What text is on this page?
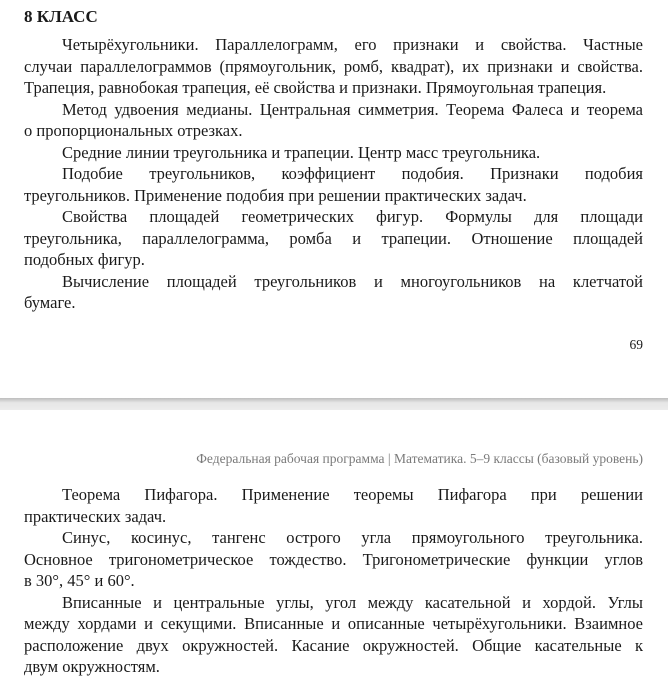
8 КЛАСС
Четырёхугольники. Параллелограмм, его признаки и свойства. Частные
случаи параллелограммов (прямоугольник, ромб, квадрат), их признаки и свойства.
Трапеция, равнобокая трапеция, её свойства и признаки. Прямоугольная трапеция.
Метод удвоения медианы. Центральная симметрия. Теорема Фалеса и теорема
о пропорциональных отрезках.
Средние линии треугольника и трапеции. Центр масс треугольника.
Подобие треугольников, коэффициент подобия. Признаки подобия
треугольников. Применение подобия при решении практических задач.
Свойства площадей геометрических фигур. Формулы для площади
треугольника, параллелограмма, ромба и трапеции. Отношение площадей
подобных фигур.
Вычисление площадей треугольников и многоугольников на клетчатой
бумаге.
69
Федеральная рабочая программа | Математика. 5–9 классы (базовый уровень)
Теорема Пифагора. Применение теоремы Пифагора при решении
практических задач.
Синус, косинус, тангенс острого угла прямоугольного треугольника.
Основное тригонометрическое тождество. Тригонометрические функции углов
в 30°, 45° и 60°.
Вписанные и центральные углы, угол между касательной и хордой. Углы
между хордами и секущими. Вписанные и описанные четырёхугольники. Взаимное
расположение двух окружностей. Касание окружностей. Общие касательные к
двум окружностям.
